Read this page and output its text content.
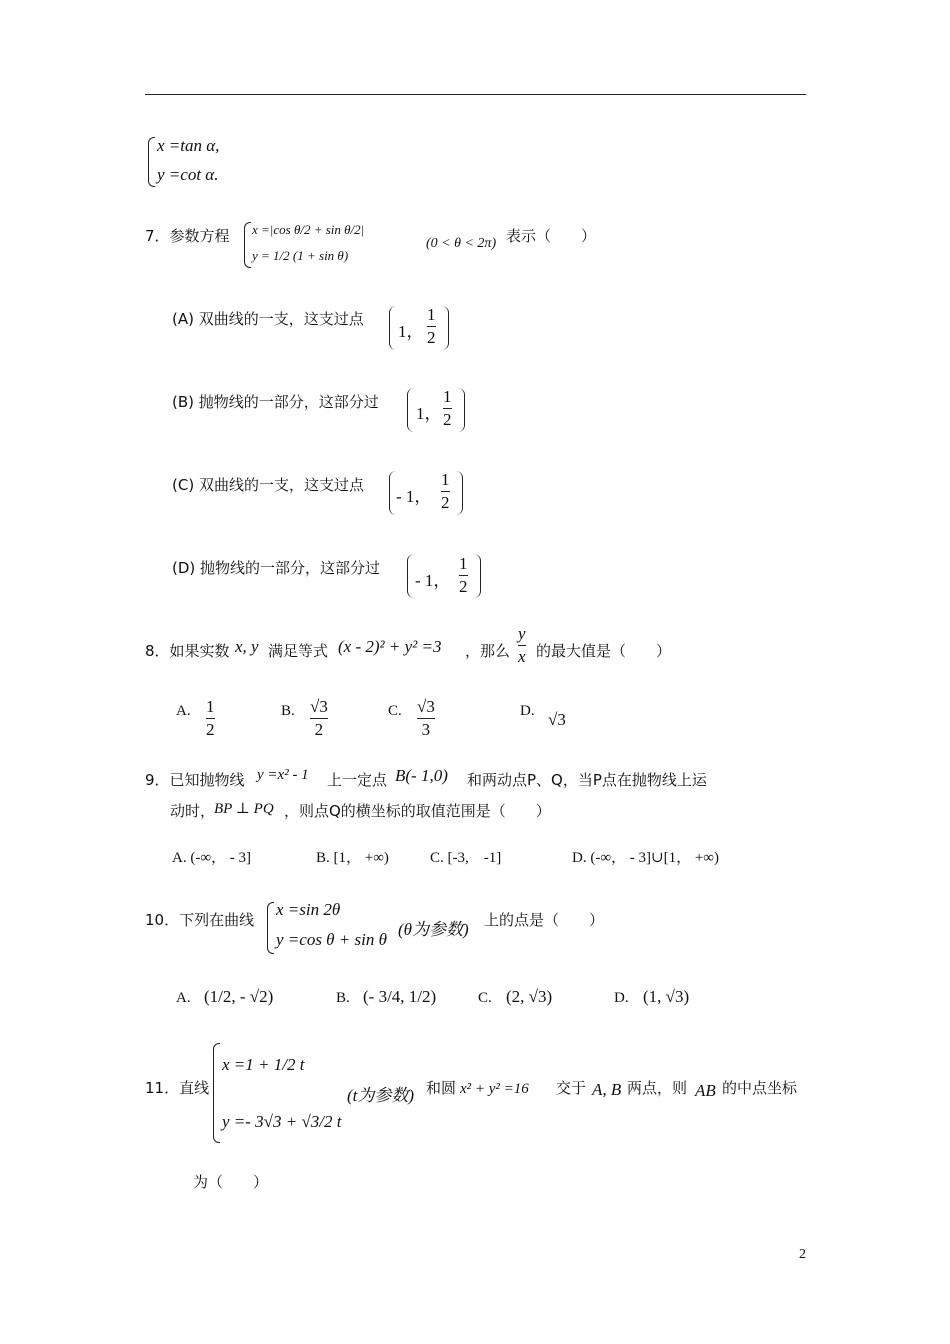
x =tan α,
y =cot α.
7．参数方程 x =|cos θ/2 + sin θ/2|
y = 1/2 (1 + sin θ)
(0 < θ < 2π) 表示（　　）
(A) 双曲线的一支，这支过点
1，
1
2
(B) 抛物线的一部分，这部分过
1，
1
2
(C) 双曲线的一支，这支过点
- 1，
1
2
(D) 抛物线的一部分，这部分过
- 1，
1
2
8．如果实数 x, y 满足等式 (x - 2)² + y² =3 ，那么
y
x 的最大值是（　　）
A. 1
2
B. √3
2
C. √3
3
D. √3
9．已知抛物线 y =x² - 1 上一定点 B(- 1,0) 和两动点P、Q，当P点在抛物线上运
动时，
BP ⊥ PQ ，则点Q的横坐标的取值范围是（　　）
A. (-∞， - 3]	B. [1， +∞)	C. [-3,　-1]	D. (-∞， - 3]∪[1， +∞)
10．下列在曲线
x =sin 2θ
y =cos θ + sin θ
(θ为参数) 上的点是（　　）
A. (1/2, - √2)	B. (- 3/4, 1/2)	C. (2, √3)	D. (1, √3)
11．直线
x =1 + 1/2 t
y =- 3√3 + √3/2 t
(t为参数) 和圆 x² + y² =16 交于 A, B 两点，则 AB 的中点坐标
为（　　）
2
